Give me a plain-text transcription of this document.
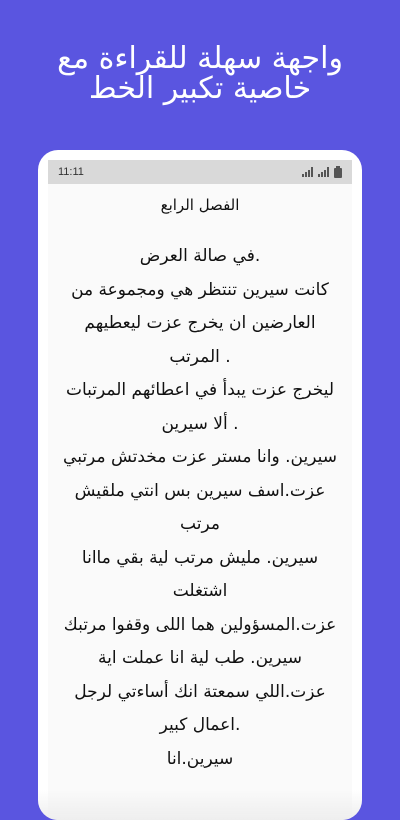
واجهة سهلة للقراءة مع
خاصية تكبير الخط
11:11
الفصل الرابع
.في صالة العرض
كانت سيرين تنتظر هي ومجموعة من
العارضين ان يخرج عزت ليعطيهم
. المرتب
ليخرج عزت يبدأ في اعطائهم المرتبات
. ألا سيرين
سيرين. وانا مستر عزت مخدتش مرتبي
عزت.اسف سيرين بس انتي ملقيش
مرتب
سيرين. مليش مرتب لية بقي ماانا
اشتغلت
عزت.المسؤولين هما اللى وقفوا مرتبك
سيرين. طب لية انا عملت اية
عزت.اللي سمعتة انك أساءتي لرجل
.اعمال كبير
سيرين.انا
